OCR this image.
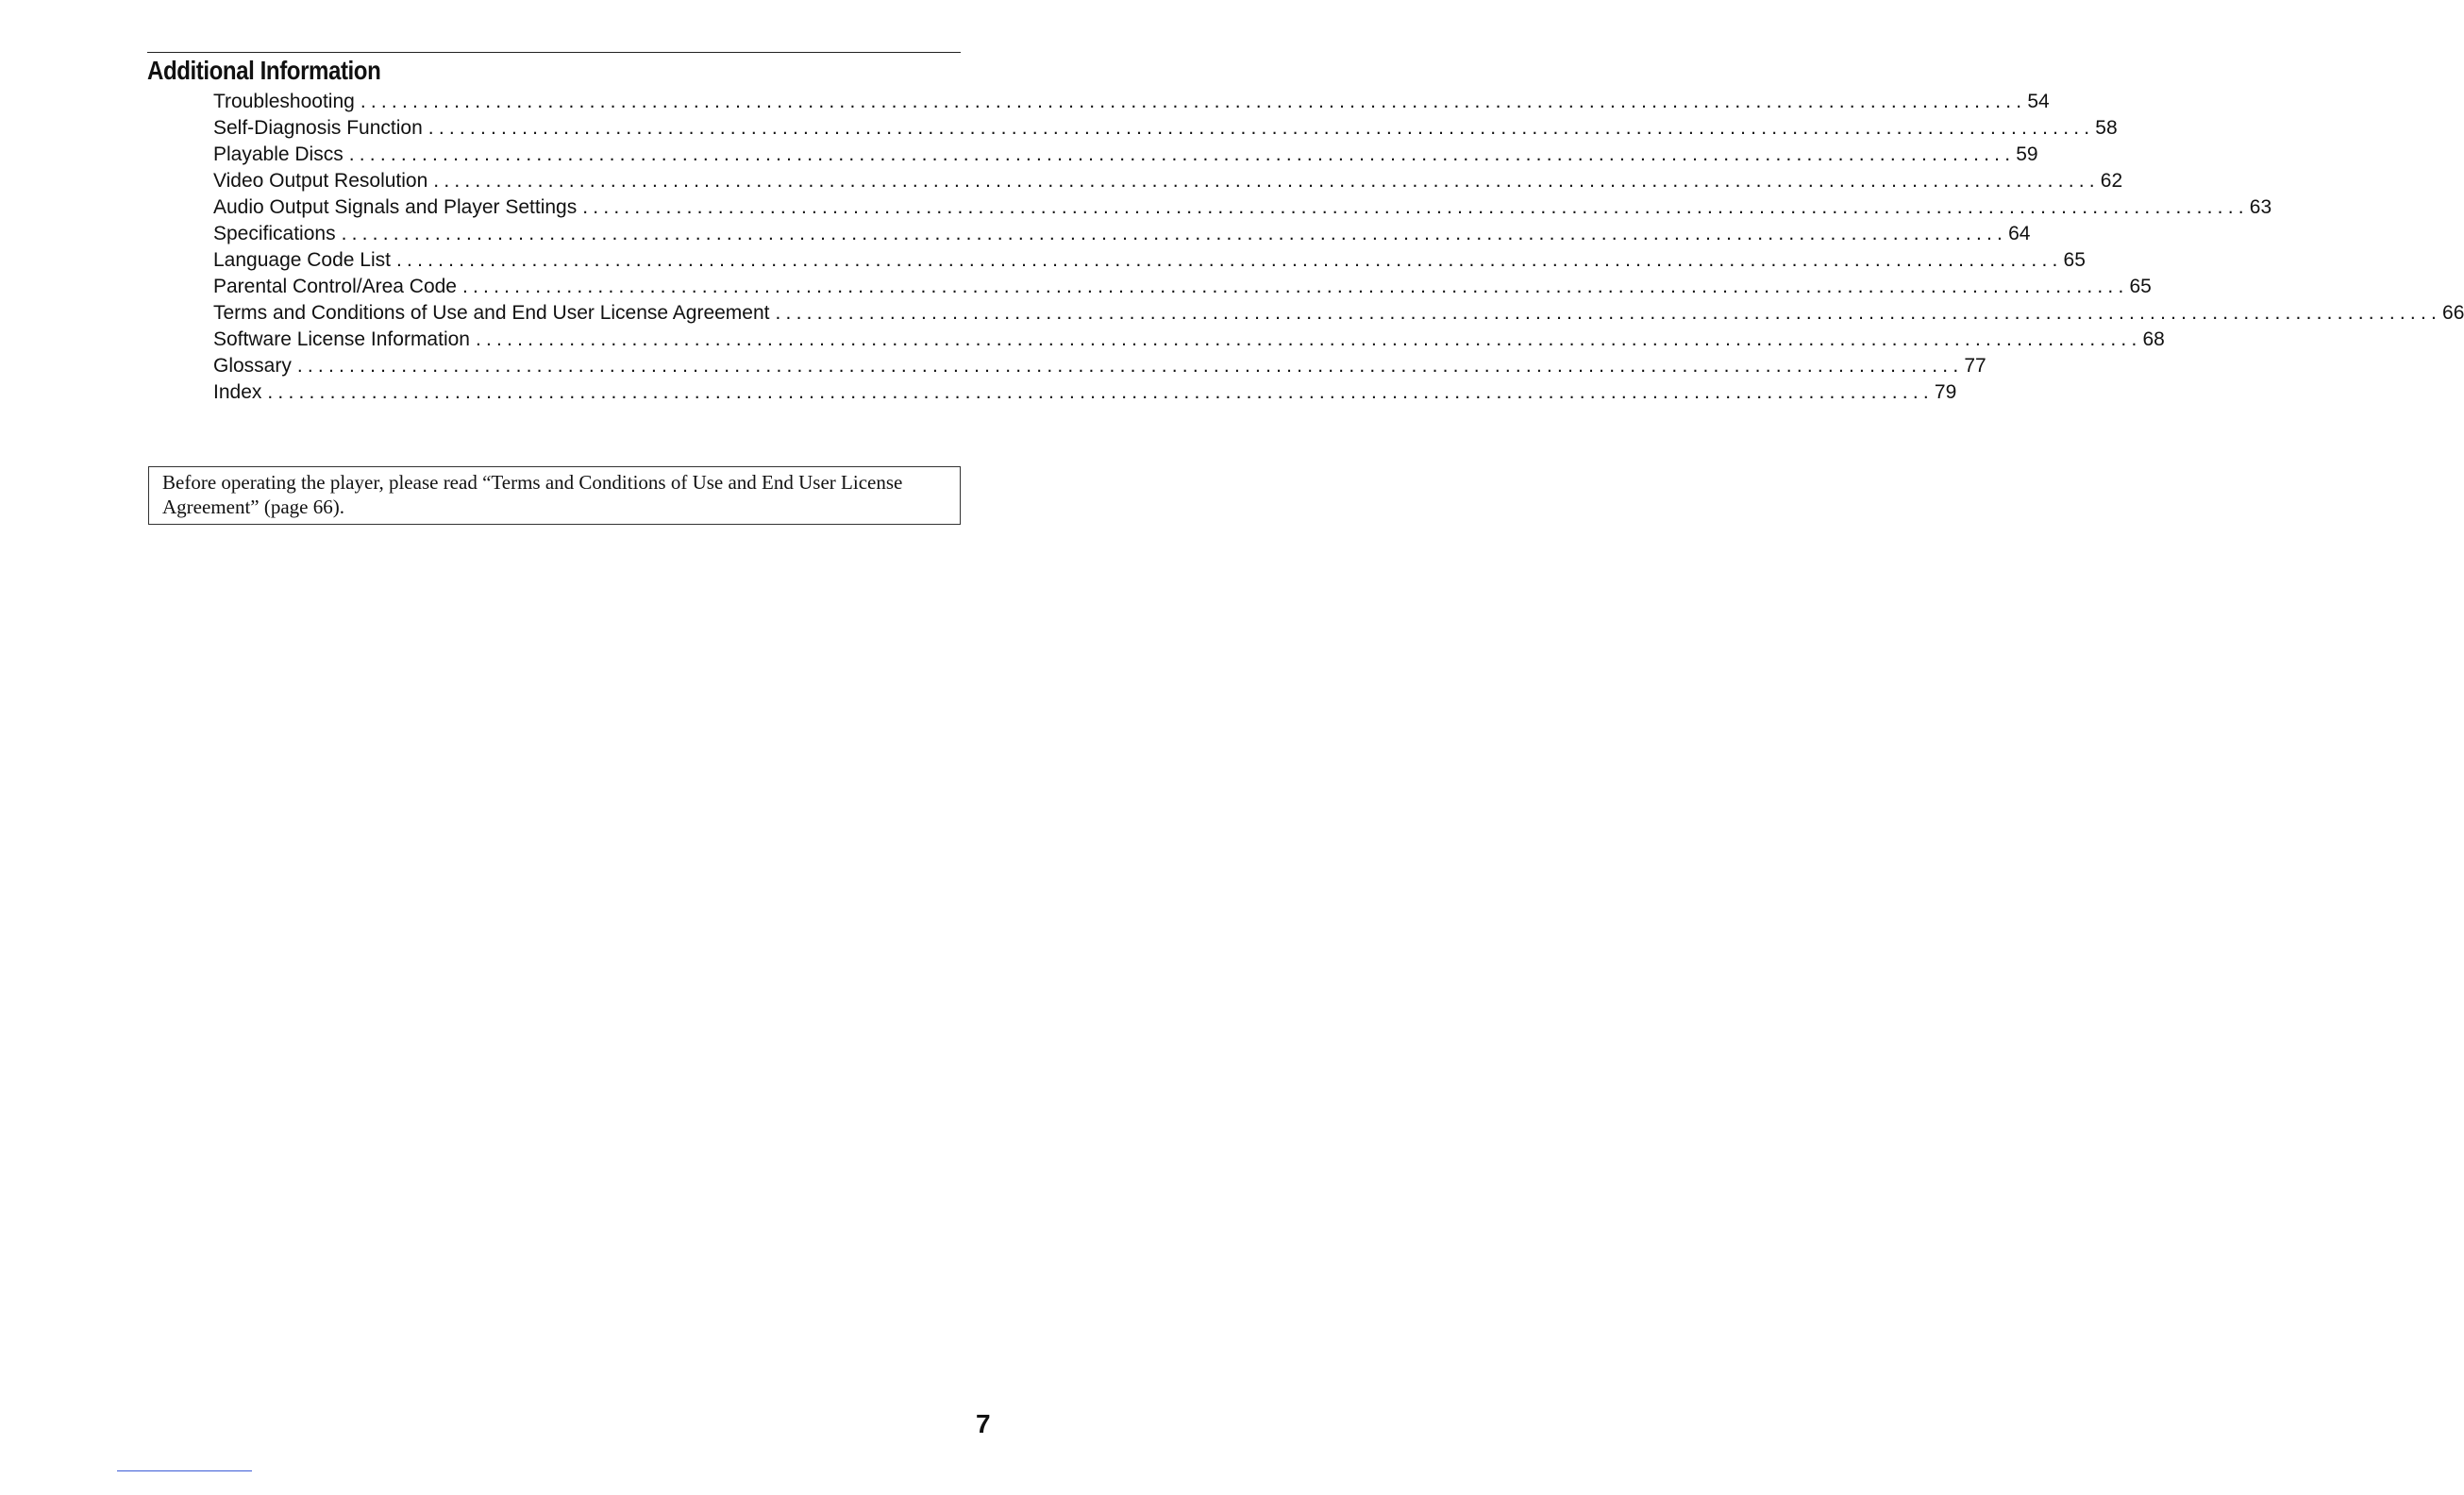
Additional Information
Troubleshooting ................................................................................................................................................................ 54
Self-Diagnosis Function ................................................................................................................................................................ 58
Playable Discs ................................................................................................................................................................ 59
Video Output Resolution ................................................................................................................................................................ 62
Audio Output Signals and Player Settings ................................................................................................................................................................ 63
Specifications ................................................................................................................................................................ 64
Language Code List ................................................................................................................................................................ 65
Parental Control/Area Code ................................................................................................................................................................ 65
Terms and Conditions of Use and End User License Agreement ................................................................................................................................................................ 66
Software License Information ................................................................................................................................................................ 68
Glossary ................................................................................................................................................................ 77
Index ................................................................................................................................................................ 79
Before operating the player, please read “Terms and Conditions of Use and End User License Agreement” (page 66).
7
